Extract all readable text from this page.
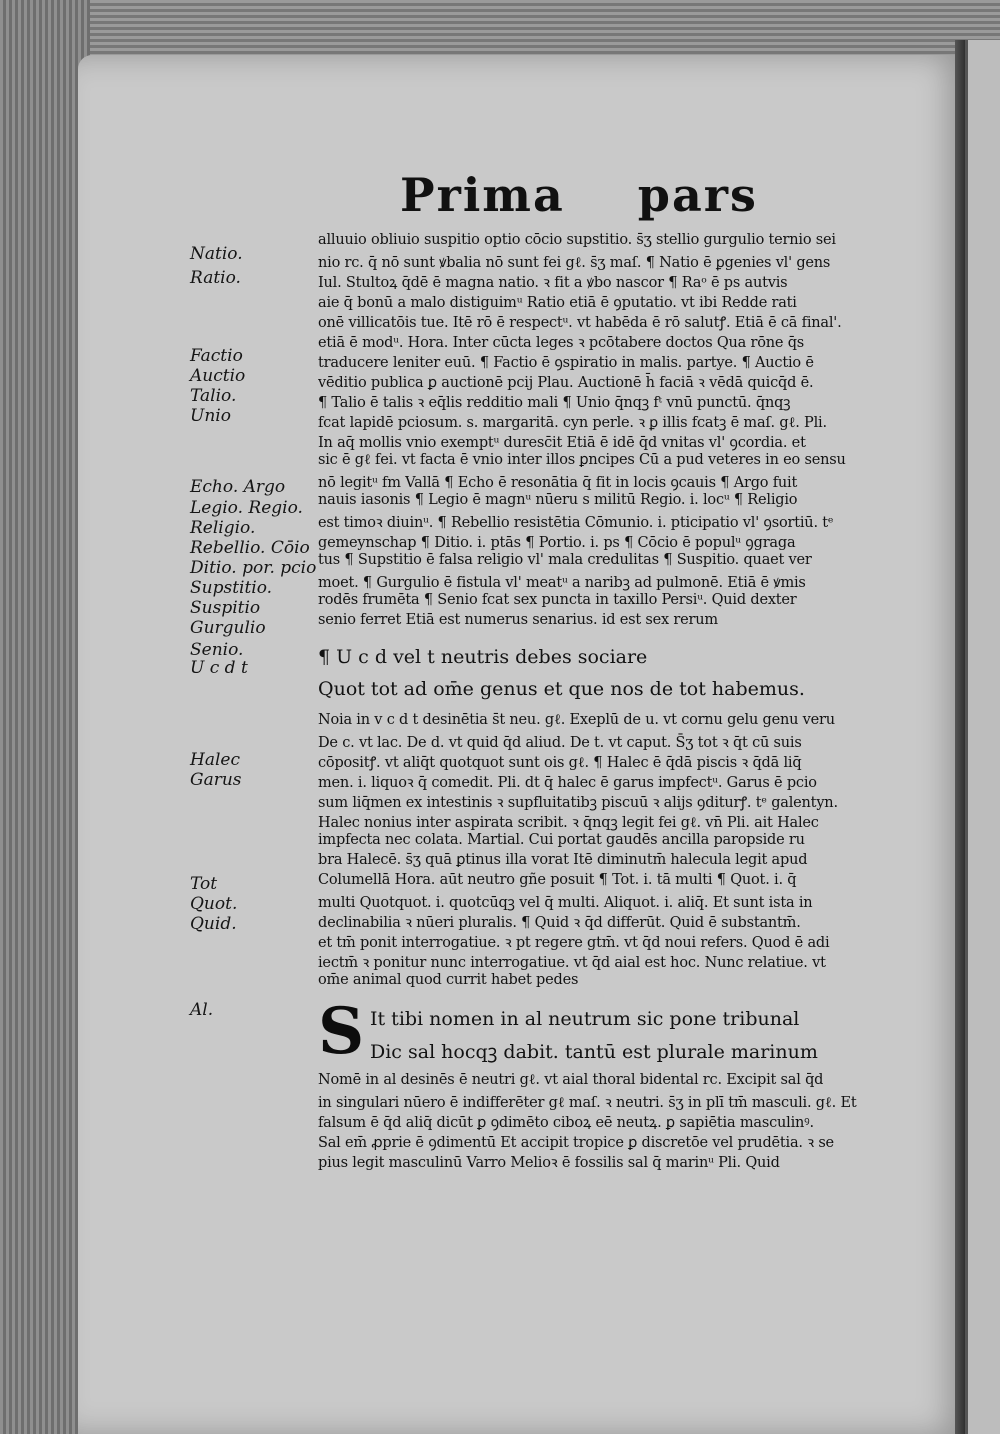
Prima pars
Natio.
Ratio.
Factio
Auctio
Talio.
Unio
Echo. Argo
Legio. Regio.
Religio.
Rebellio. Cōio
Ditio. por. pcio
Supstitio.
Suspitio
Gurgulio
Senio.
U c d t
Halec
Garus
Tot
Quot.
Quid.
Al.
alluuio obliuio suspitio optio cōcio supstitio. s̄ʒ stellio gurgulio ternio sei
nio rc. q̄ nō sunt ꝟbalia nō sunt fei gℓ. s̄ʒ maſ. ¶ Natio ē ꝑgenies vl' gens
Iul. Stultoꝝ q̄dē ē magna natio. ꝛ fit a ꝟbo nascor ¶ Raᵒ ē ps autvis
aie q̄ bonū a malo distiguimᵘ Ratio etiā ē ꝯputatio. vt ibi Redde rati
onē villicatōis tue. Itē rō ē respectᵘ. vt habēda ē rō salutꝭ. Etiā ē cā final'.
etiā ē modᵘ. Hora. Inter cūcta leges ꝛ pcōtabere doctos Qua rōne q̄s
traducere leniter euū. ¶ Factio ē ꝯspiratio in malis. partye. ¶ Auctio ē
vēditio publica ꝑ auctionē pcij Plau. Auctionē h̄ faciā ꝛ vēdā quicq̄d ē.
¶ Talio ē talis ꝛ eq̄lis redditio mali ¶ Unio q̄nqꝫ fᵗ vnū punctū. q̄nqꝫ
fcat lapidē pciosum. s. margaritā. cyn perle. ꝛ ꝑ illis fcatꝫ ē maſ. gℓ. Pli.
In aq̄ mollis vnio exemptᵘ duresc̄it Etiā ē idē q̄d vnitas vl' ꝯcordia. et
sic ē gℓ fei. vt facta ē vnio inter illos ꝑncipes Cū a pud veteres in eo sensu
nō legitᵘ fm Vallā ¶ Echo ē resonātia q̄ fit in locis ꝯcauis ¶ Argo fuit
nauis iasonis ¶ Legio ē magnᵘ nūeru s militū Regio. i. locᵘ ¶ Religio
est timoꝛ diuinᵘ. ¶ Rebellio resistētia Cōmunio. i. pticipatio vl' ꝯsortiū. tᵉ
gemeynschap ¶ Ditio. i. ptās ¶ Portio. i. ps ¶ Cōcio ē populᵘ ꝯgraga
tus ¶ Supstitio ē falsa religio vl' mala credulitas ¶ Suspitio. quaet ver
moet. ¶ Gurgulio ē fistula vl' meatᵘ a naribꝫ ad pulmonē. Etiā ē ꝟmis
rodēs frumēta ¶ Senio fcat sex puncta in taxillo Persiᵘ. Quid dexter
senio ferret Etiā est numerus senarius. id est sex rerum
¶ U c d vel t neutris debes sociare
Quot tot ad om̄e genus et que nos de tot habemus.
Noia in v c d t desinētia s̄t neu. gℓ. Exeplū de u. vt cornu gelu genu veru
De c. vt lac. De d. vt quid q̄d aliud. De t. vt caput. S̄ʒ tot ꝛ q̄t cū suis
cōpositꝭ. vt aliq̄t quotquot sunt ois gℓ. ¶ Halec ē q̄dā piscis ꝛ q̄dā liq̄
men. i. liquoꝛ q̄ comedit. Pli. dt q̄ halec ē garus impfectᵘ. Garus ē pcio
sum liq̄men ex intestinis ꝛ supfluitatibꝫ piscuū ꝛ alijs ꝯditurꝭ. tᵉ galentyn.
Halec nonius inter aspirata scribit. ꝛ q̄nqꝫ legit fei gℓ. vn̄ Pli. ait Halec
impfecta nec colata. Martial. Cui portat gaudēs ancilla paropside ru
bra Halecē. s̄ʒ quā ꝑtinus illa vorat Itē diminutm̄ halecula legit apud
Columellā Hora. aūt neutro gñe posuit ¶ Tot. i. tā multi ¶ Quot. i. q̄
multi Quotquot. i. quotcūqꝫ vel q̄ multi. Aliquot. i. aliq̄. Et sunt ista in
declinabilia ꝛ nūeri pluralis. ¶ Quid ꝛ q̄d differūt. Quid ē substantm̄.
et tm̄ ponit interrogatiue. ꝛ pt regere gtm̄. vt q̄d noui refers. Quod ē adi
iectm̄ ꝛ ponitur nunc interrogatiue. vt q̄d aial est hoc. Nunc relatiue. vt
om̄e animal quod currit habet pedes
It tibi nomen in al neutrum sic pone tribunal
Dic sal hocqꝫ dabit. tantū est plurale marinum
Nomē in al desinēs ē neutri gℓ. vt aial thoral bidental rc. Excipit sal q̄d
in singulari nūero ē indifferēter gℓ maſ. ꝛ neutri. s̄ʒ in plī tm̄ masculi. gℓ. Et
falsum ē q̄d aliq̄ dicūt ꝑ ꝯdimēto ciboꝝ eē neutꝝ. ꝑ sapiētia masculinꝰ.
Sal em̄ ꝓprie ē ꝯdimentū Et accipit tropice ꝑ discretōe vel prudētia. ꝛ se
pius legit masculinū Varro Melioꝛ ē fossilis sal q̄ marinᵘ Pli. Quid
S
